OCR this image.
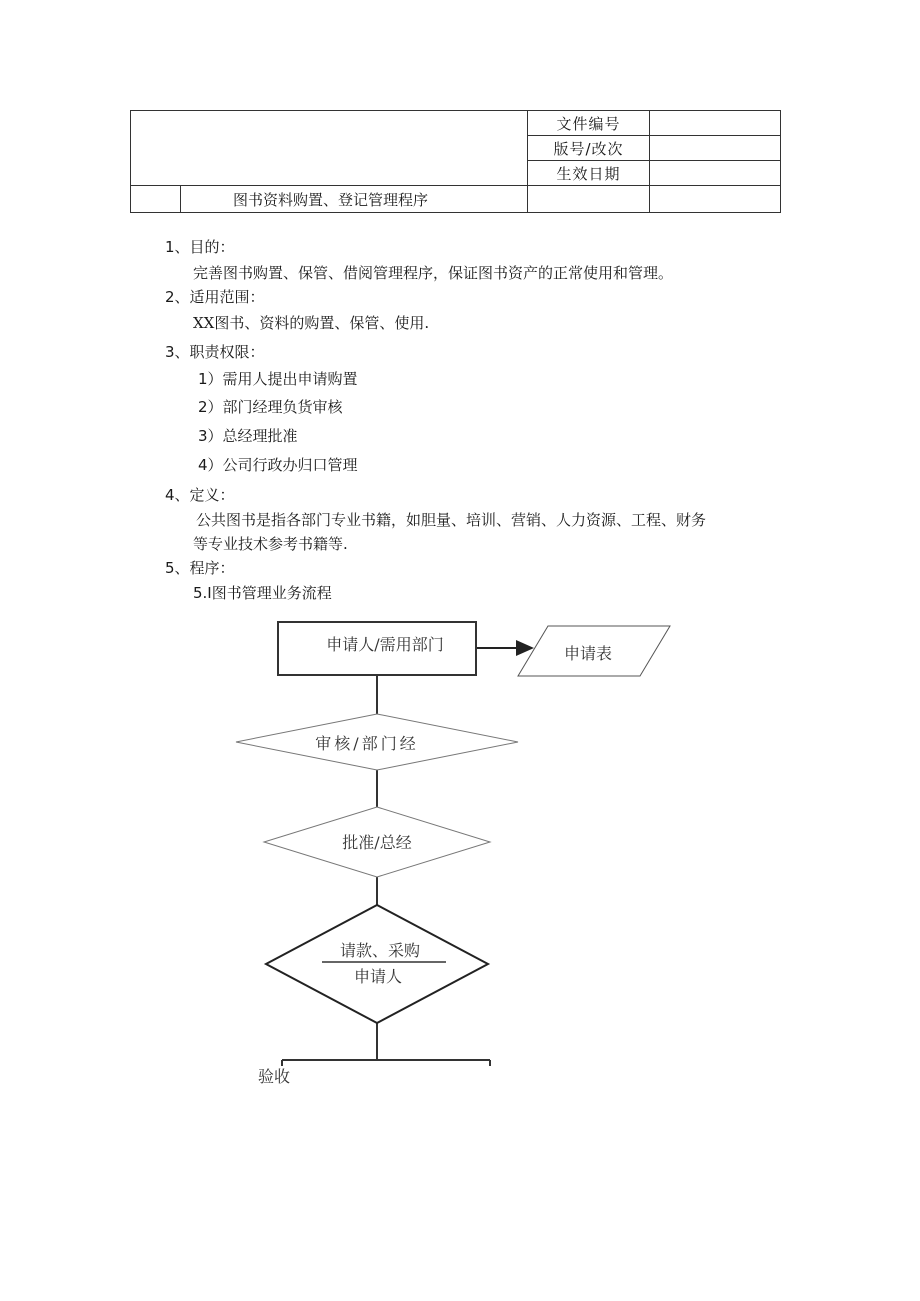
		文件编号	
		版号/改次	
		生效日期	
	图书资料购置、登记管理程序		
1、目的：
完善图书购置、保管、借阅管理程序，保证图书资产的正常使用和管理。
2、适用范围：
XX图书、资料的购置、保管、使用.
3、职责权限：
1）需用人提出申请购置
2）部门经理负货审核
3）总经理批准
4）公司行政办归口管理
4、定义：
公共图书是指各部门专业书籍，如胆量、培训、营销、人力资源、工程、财务
等专业技术参考书籍等.
5、程序：
5.I图书管理业务流程
申请人/需用部门	申请表
审核/部门经
批准/总经
请款、采购
申请人
验收
